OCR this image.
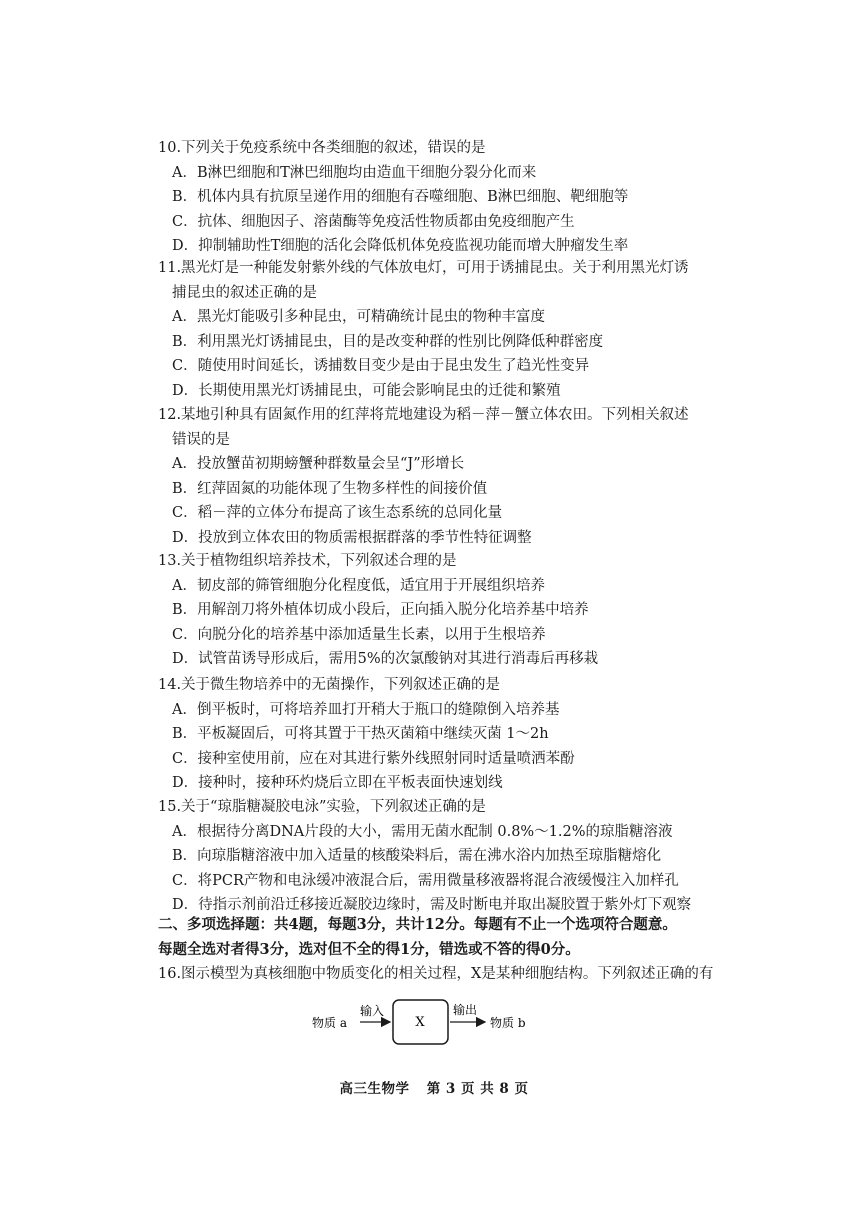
10.下列关于免疫系统中各类细胞的叙述，错误的是
A．B淋巴细胞和T淋巴细胞均由造血干细胞分裂分化而来
B．机体内具有抗原呈递作用的细胞有吞噬细胞、B淋巴细胞、靶细胞等
C．抗体、细胞因子、溶菌酶等免疫活性物质都由免疫细胞产生
D．抑制辅助性T细胞的活化会降低机体免疫监视功能而增大肿瘤发生率
11.黑光灯是一种能发射紫外线的气体放电灯，可用于诱捕昆虫。关于利用黑光灯诱
捕昆虫的叙述正确的是
A．黑光灯能吸引多种昆虫，可精确统计昆虫的物种丰富度
B．利用黑光灯诱捕昆虫，目的是改变种群的性别比例降低种群密度
C．随使用时间延长，诱捕数目变少是由于昆虫发生了趋光性变异
D．长期使用黑光灯诱捕昆虫，可能会影响昆虫的迁徙和繁殖
12.某地引种具有固氮作用的红萍将荒地建设为稻－萍－蟹立体农田。下列相关叙述
错误的是
A．投放蟹苗初期螃蟹种群数量会呈“J”形增长
B．红萍固氮的功能体现了生物多样性的间接价值
C．稻－萍的立体分布提高了该生态系统的总同化量
D．投放到立体农田的物质需根据群落的季节性特征调整
13.关于植物组织培养技术，下列叙述合理的是
A．韧皮部的筛管细胞分化程度低，适宜用于开展组织培养
B．用解剖刀将外植体切成小段后，正向插入脱分化培养基中培养
C．向脱分化的培养基中添加适量生长素，以用于生根培养
D．试管苗诱导形成后，需用5%的次氯酸钠对其进行消毒后再移栽
14.关于微生物培养中的无菌操作，下列叙述正确的是
A．倒平板时，可将培养皿打开稍大于瓶口的缝隙倒入培养基
B．平板凝固后，可将其置于干热灭菌箱中继续灭菌 1～2h
C．接种室使用前，应在对其进行紫外线照射同时适量喷洒苯酚
D．接种时，接种环灼烧后立即在平板表面快速划线
15.关于“琼脂糖凝胶电泳”实验，下列叙述正确的是
A．根据待分离DNA片段的大小，需用无菌水配制 0.8%～1.2%的琼脂糖溶液
B．向琼脂糖溶液中加入适量的核酸染料后，需在沸水浴内加热至琼脂糖熔化
C．将PCR产物和电泳缓冲液混合后，需用微量移液器将混合液缓慢注入加样孔
D．待指示剂前沿迁移接近凝胶边缘时，需及时断电并取出凝胶置于紫外灯下观察
二、多项选择题：共4题，每题3分，共计12分。每题有不止一个选项符合题意。
每题全选对者得3分，选对但不全的得1分，错选或不答的得0分。
16.图示模型为真核细胞中物质变化的相关过程，X是某种细胞结构。下列叙述正确的有
物质 a
输入
X
输出
物质 b
高三生物学 第 3 页 共 8 页
